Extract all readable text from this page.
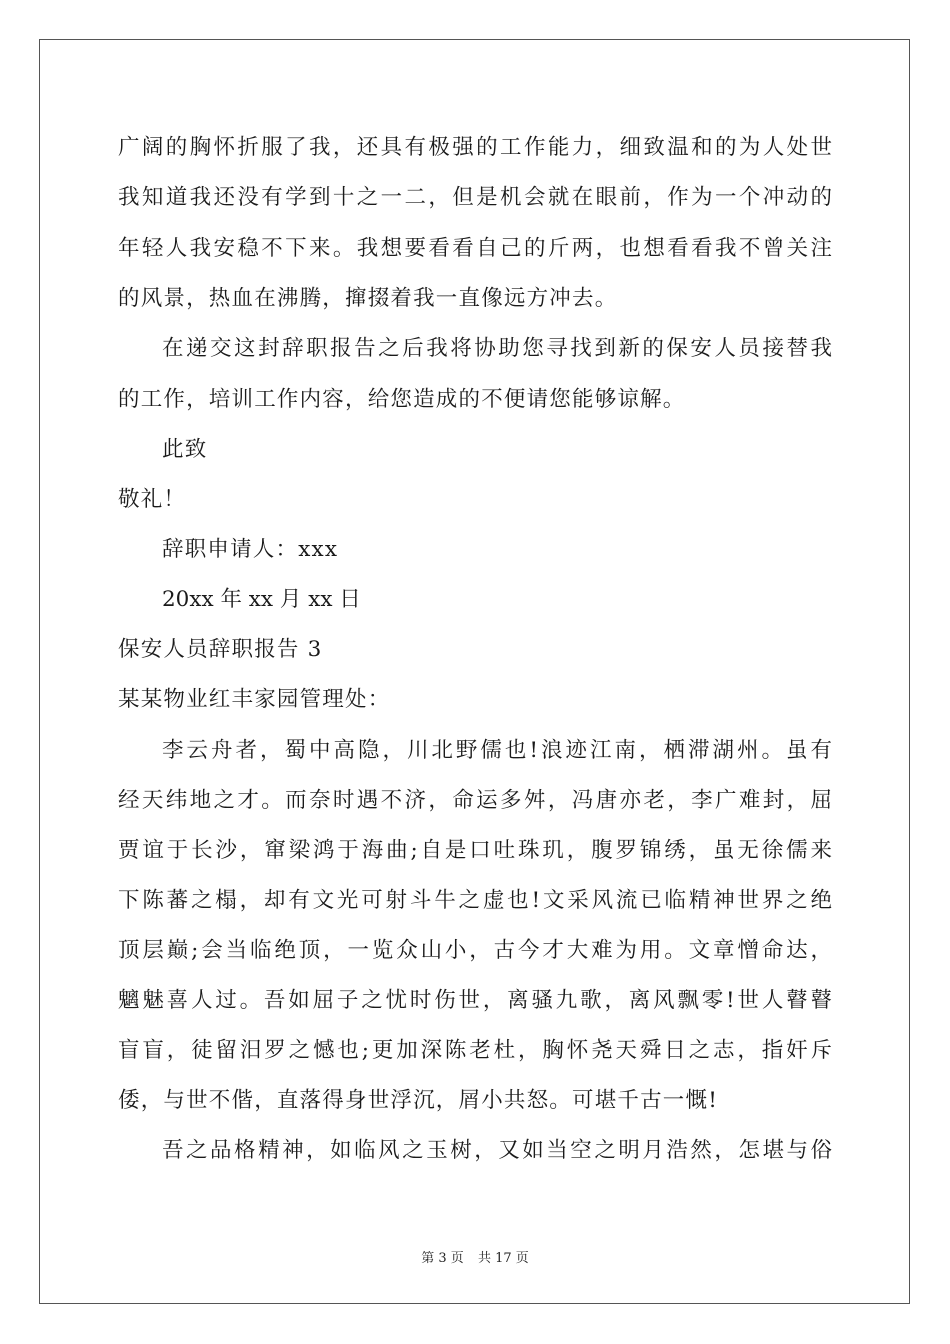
广阔的胸怀折服了我，还具有极强的工作能力，细致温和的为人处世
我知道我还没有学到十之一二，但是机会就在眼前，作为一个冲动的
年轻人我安稳不下来。我想要看看自己的斤两，也想看看我不曾关注
的风景，热血在沸腾，撺掇着我一直像远方冲去。
在递交这封辞职报告之后我将协助您寻找到新的保安人员接替我
的工作，培训工作内容，给您造成的不便请您能够谅解。
此致
敬礼！
辞职申请人：xxx
20xx 年 xx 月 xx 日
保安人员辞职报告 3
某某物业红丰家园管理处：
李云舟者，蜀中高隐，川北野儒也!浪迹江南，栖滞湖州。虽有
经天纬地之才。而奈时遇不济，命运多舛，冯唐亦老，李广难封，屈
贾谊于长沙，窜梁鸿于海曲;自是口吐珠玑，腹罗锦绣，虽无徐儒来
下陈蕃之榻，却有文光可射斗牛之虚也!文采风流已临精神世界之绝
顶层巅;会当临绝顶，一览众山小，古今才大难为用。文章憎命达，
魑魅喜人过。吾如屈子之忧时伤世，离骚九歌，离风飘零!世人瞽瞽
盲盲，徒留汨罗之憾也;更加深陈老杜，胸怀尧天舜日之志，指奸斥
倭，与世不偕，直落得身世浮沉，屑小共怒。可堪千古一慨!
吾之品格精神，如临风之玉树，又如当空之明月浩然，怎堪与俗
第 3 页 共 17 页
